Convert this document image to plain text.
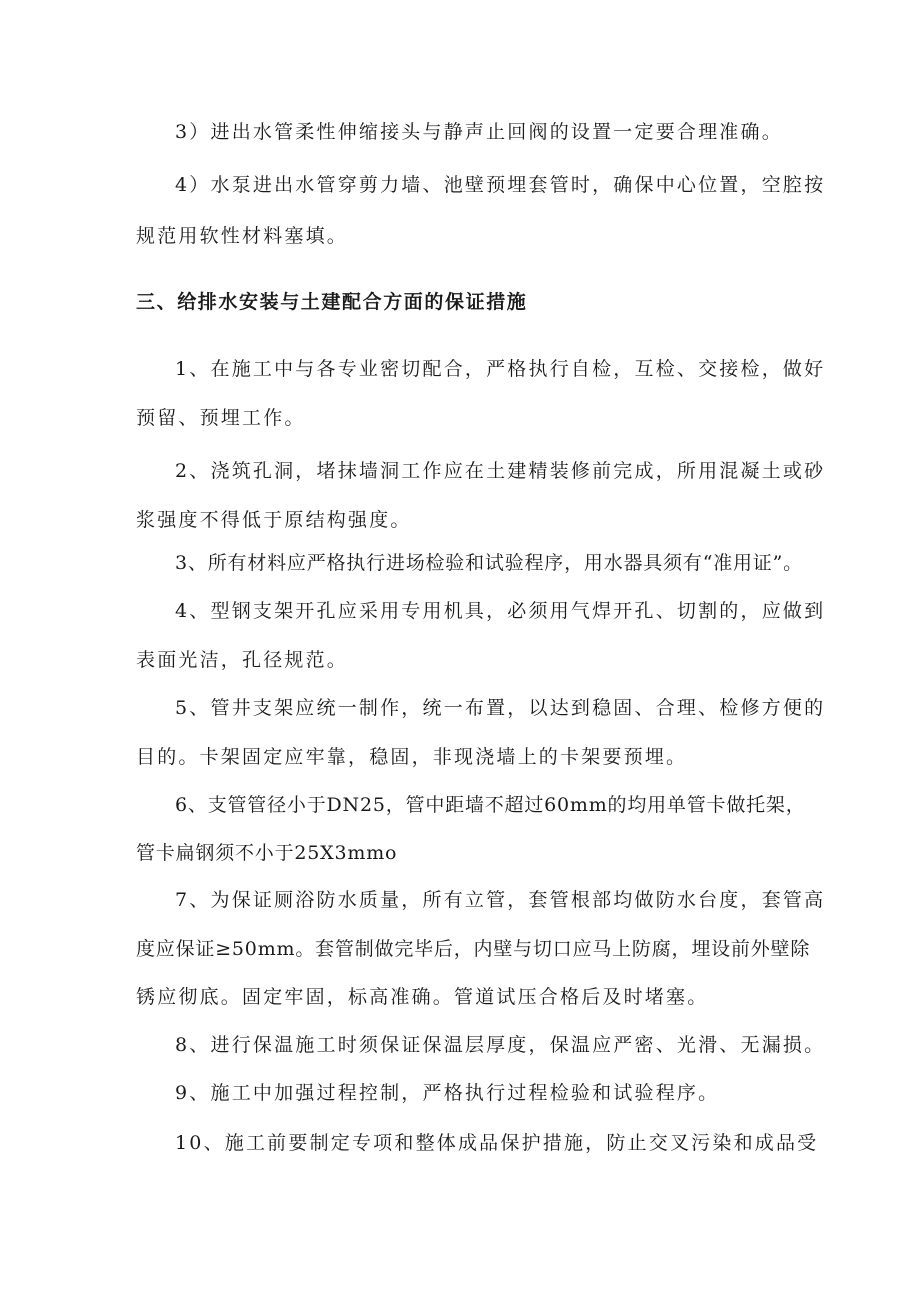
3）进出水管柔性伸缩接头与静声止回阀的设置一定要合理准确。
4）水泵进出水管穿剪力墙、池壁预埋套管时，确保中心位置，空腔按
规范用软性材料塞填。
三、给排水安装与土建配合方面的保证措施
1、在施工中与各专业密切配合，严格执行自检，互检、交接检，做好
预留、预埋工作。
2、浇筑孔洞，堵抹墙洞工作应在土建精装修前完成，所用混凝土或砂
浆强度不得低于原结构强度。
3、所有材料应严格执行进场检验和试验程序，用水器具须有“准用证”。
4、型钢支架开孔应采用专用机具，必须用气焊开孔、切割的，应做到
表面光洁，孔径规范。
5、管井支架应统一制作，统一布置，以达到稳固、合理、检修方便的
目的。卡架固定应牢靠，稳固，非现浇墙上的卡架要预埋。
6、支管管径小于DN25，管中距墙不超过60mm的均用单管卡做托架，
管卡扁钢须不小于25X3mmo
7、为保证厕浴防水质量，所有立管，套管根部均做防水台度，套管高
度应保证≥50mm。套管制做完毕后，内壁与切口应马上防腐，埋设前外壁除
锈应彻底。固定牢固，标高准确。管道试压合格后及时堵塞。
8、进行保温施工时须保证保温层厚度，保温应严密、光滑、无漏损。
9、施工中加强过程控制，严格执行过程检验和试验程序。
10、施工前要制定专项和整体成品保护措施，防止交叉污染和成品受
